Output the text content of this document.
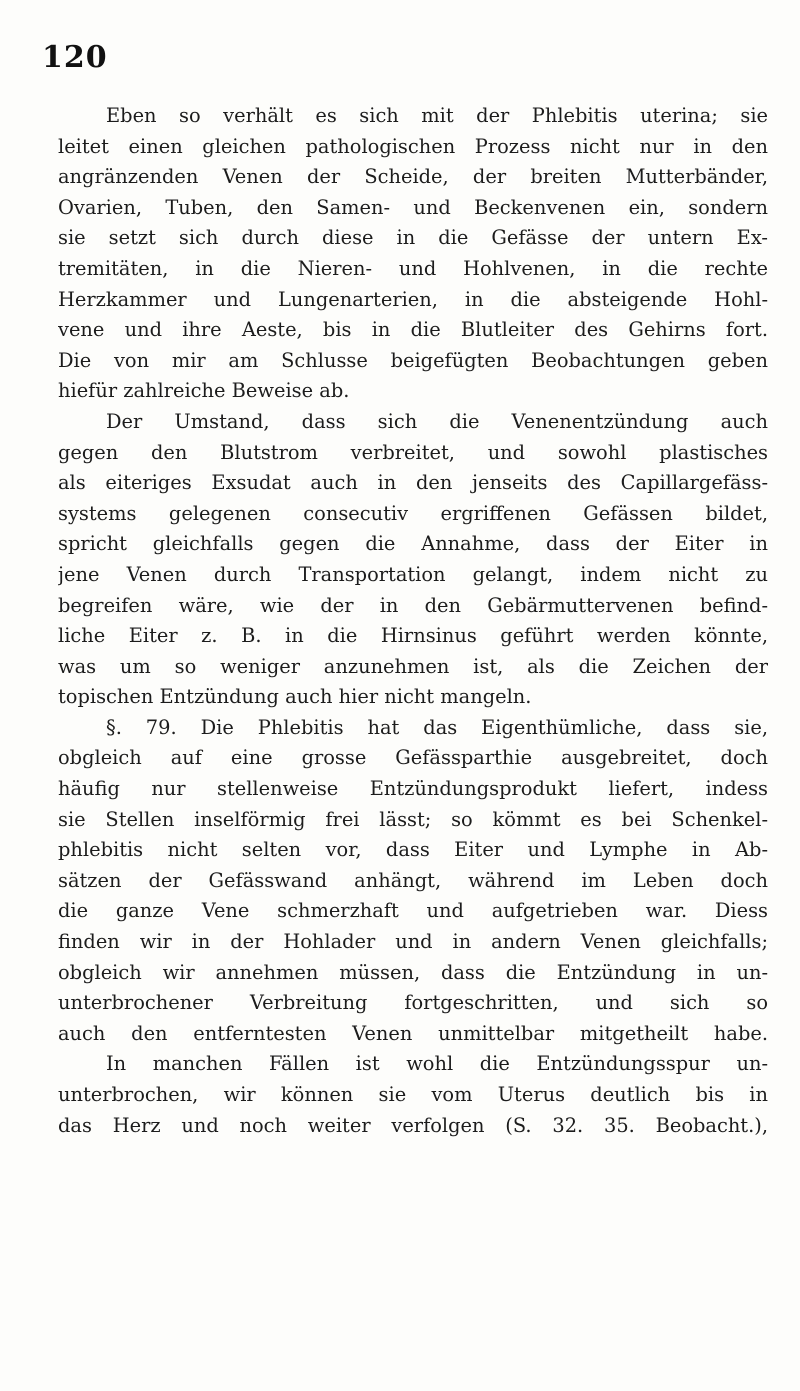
120
Eben so verhält es sich mit der Phlebitis uterina; sie
leitet einen gleichen pathologischen Prozess nicht nur in den
angränzenden Venen der Scheide, der breiten Mutterbänder,
Ovarien, Tuben, den Samen- und Beckenvenen ein, sondern
sie setzt sich durch diese in die Gefässe der untern Ex-
tremitäten, in die Nieren- und Hohlvenen, in die rechte
Herzkammer und Lungenarterien, in die absteigende Hohl-
vene und ihre Aeste, bis in die Blutleiter des Gehirns fort.
Die von mir am Schlusse beigefügten Beobachtungen geben
hiefür zahlreiche Beweise ab.
Der Umstand, dass sich die Venenentzündung auch
gegen den Blutstrom verbreitet, und sowohl plastisches
als eiteriges Exsudat auch in den jenseits des Capillargefäss-
systems gelegenen consecutiv ergriffenen Gefässen bildet,
spricht gleichfalls gegen die Annahme, dass der Eiter in
jene Venen durch Transportation gelangt, indem nicht zu
begreifen wäre, wie der in den Gebärmuttervenen befind-
liche Eiter z. B. in die Hirnsinus geführt werden könnte,
was um so weniger anzunehmen ist, als die Zeichen der
topischen Entzündung auch hier nicht mangeln.
§. 79. Die Phlebitis hat das Eigenthümliche, dass sie,
obgleich auf eine grosse Gefässparthie ausgebreitet, doch
häufig nur stellenweise Entzündungsprodukt liefert, indess
sie Stellen inselförmig frei lässt; so kömmt es bei Schenkel-
phlebitis nicht selten vor, dass Eiter und Lymphe in Ab-
sätzen der Gefässwand anhängt, während im Leben doch
die ganze Vene schmerzhaft und aufgetrieben war. Diess
finden wir in der Hohlader und in andern Venen gleichfalls;
obgleich wir annehmen müssen, dass die Entzündung in un-
unterbrochener Verbreitung fortgeschritten, und sich so
auch den entferntesten Venen unmittelbar mitgetheilt habe.
In manchen Fällen ist wohl die Entzündungsspur un-
unterbrochen, wir können sie vom Uterus deutlich bis in
das Herz und noch weiter verfolgen (S. 32. 35. Beobacht.),
